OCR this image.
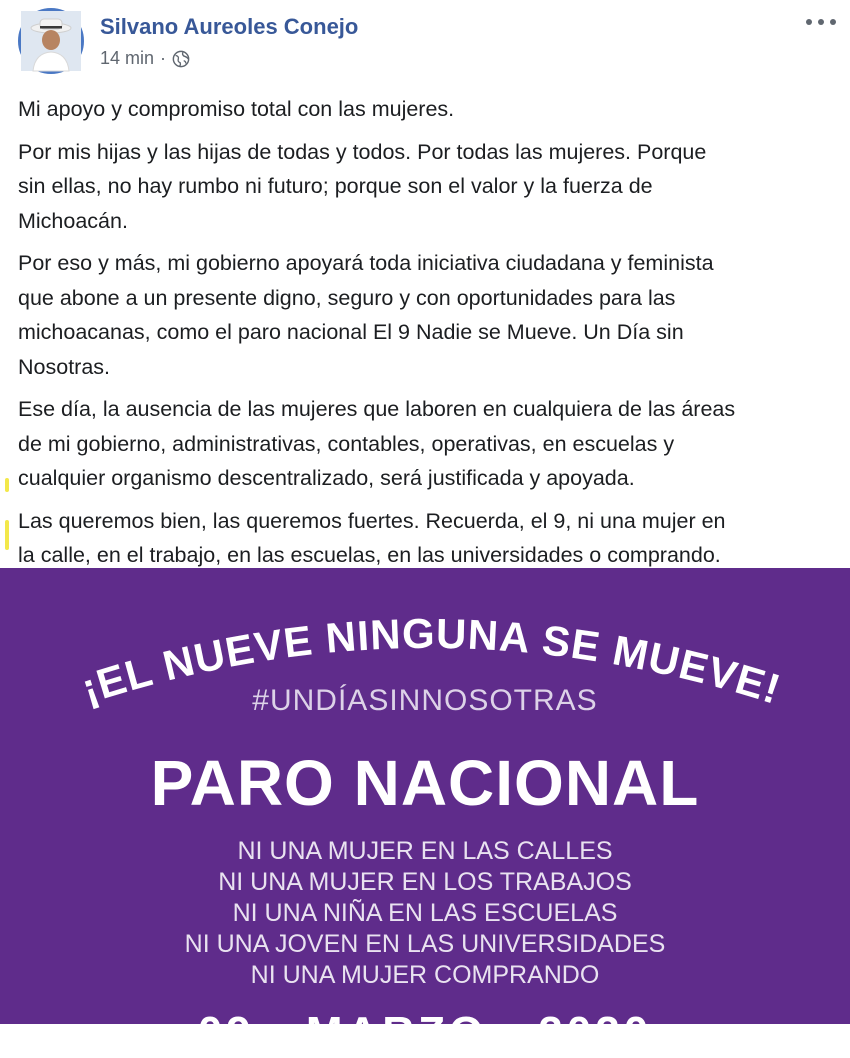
Silvano Aureoles Conejo
14 min ·

Mi apoyo y compromiso total con las mujeres.

Por mis hijas y las hijas de todas y todos. Por todas las mujeres. Porque
sin ellas, no hay rumbo ni futuro; porque son el valor y la fuerza de
Michoacán.

Por eso y más, mi gobierno apoyará toda iniciativa ciudadana y feminista
que abone a un presente digno, seguro y con oportunidades para las
michoacanas, como el paro nacional El 9 Nadie se Mueve. Un Día sin
Nosotras.

Ese día, la ausencia de las mujeres que laboren en cualquiera de las áreas
de mi gobierno, administrativas, contables, operativas, en escuelas y
cualquier organismo descentralizado, será justificada y apoyada.

Las queremos bien, las queremos fuertes. Recuerda, el 9, ni una mujer en
la calle, en el trabajo, en las escuelas, en las universidades o comprando.

¡EL NUEVE NINGUNA SE MUEVE!
#UNDÍASINNOSOTRAS
PARO NACIONAL
NI UNA MUJER EN LAS CALLES
NI UNA MUJER EN LOS TRABAJOS
NI UNA NIÑA EN LAS ESCUELAS
NI UNA JOVEN EN LAS UNIVERSIDADES
NI UNA MUJER COMPRANDO
09 · MARZO · 2020
